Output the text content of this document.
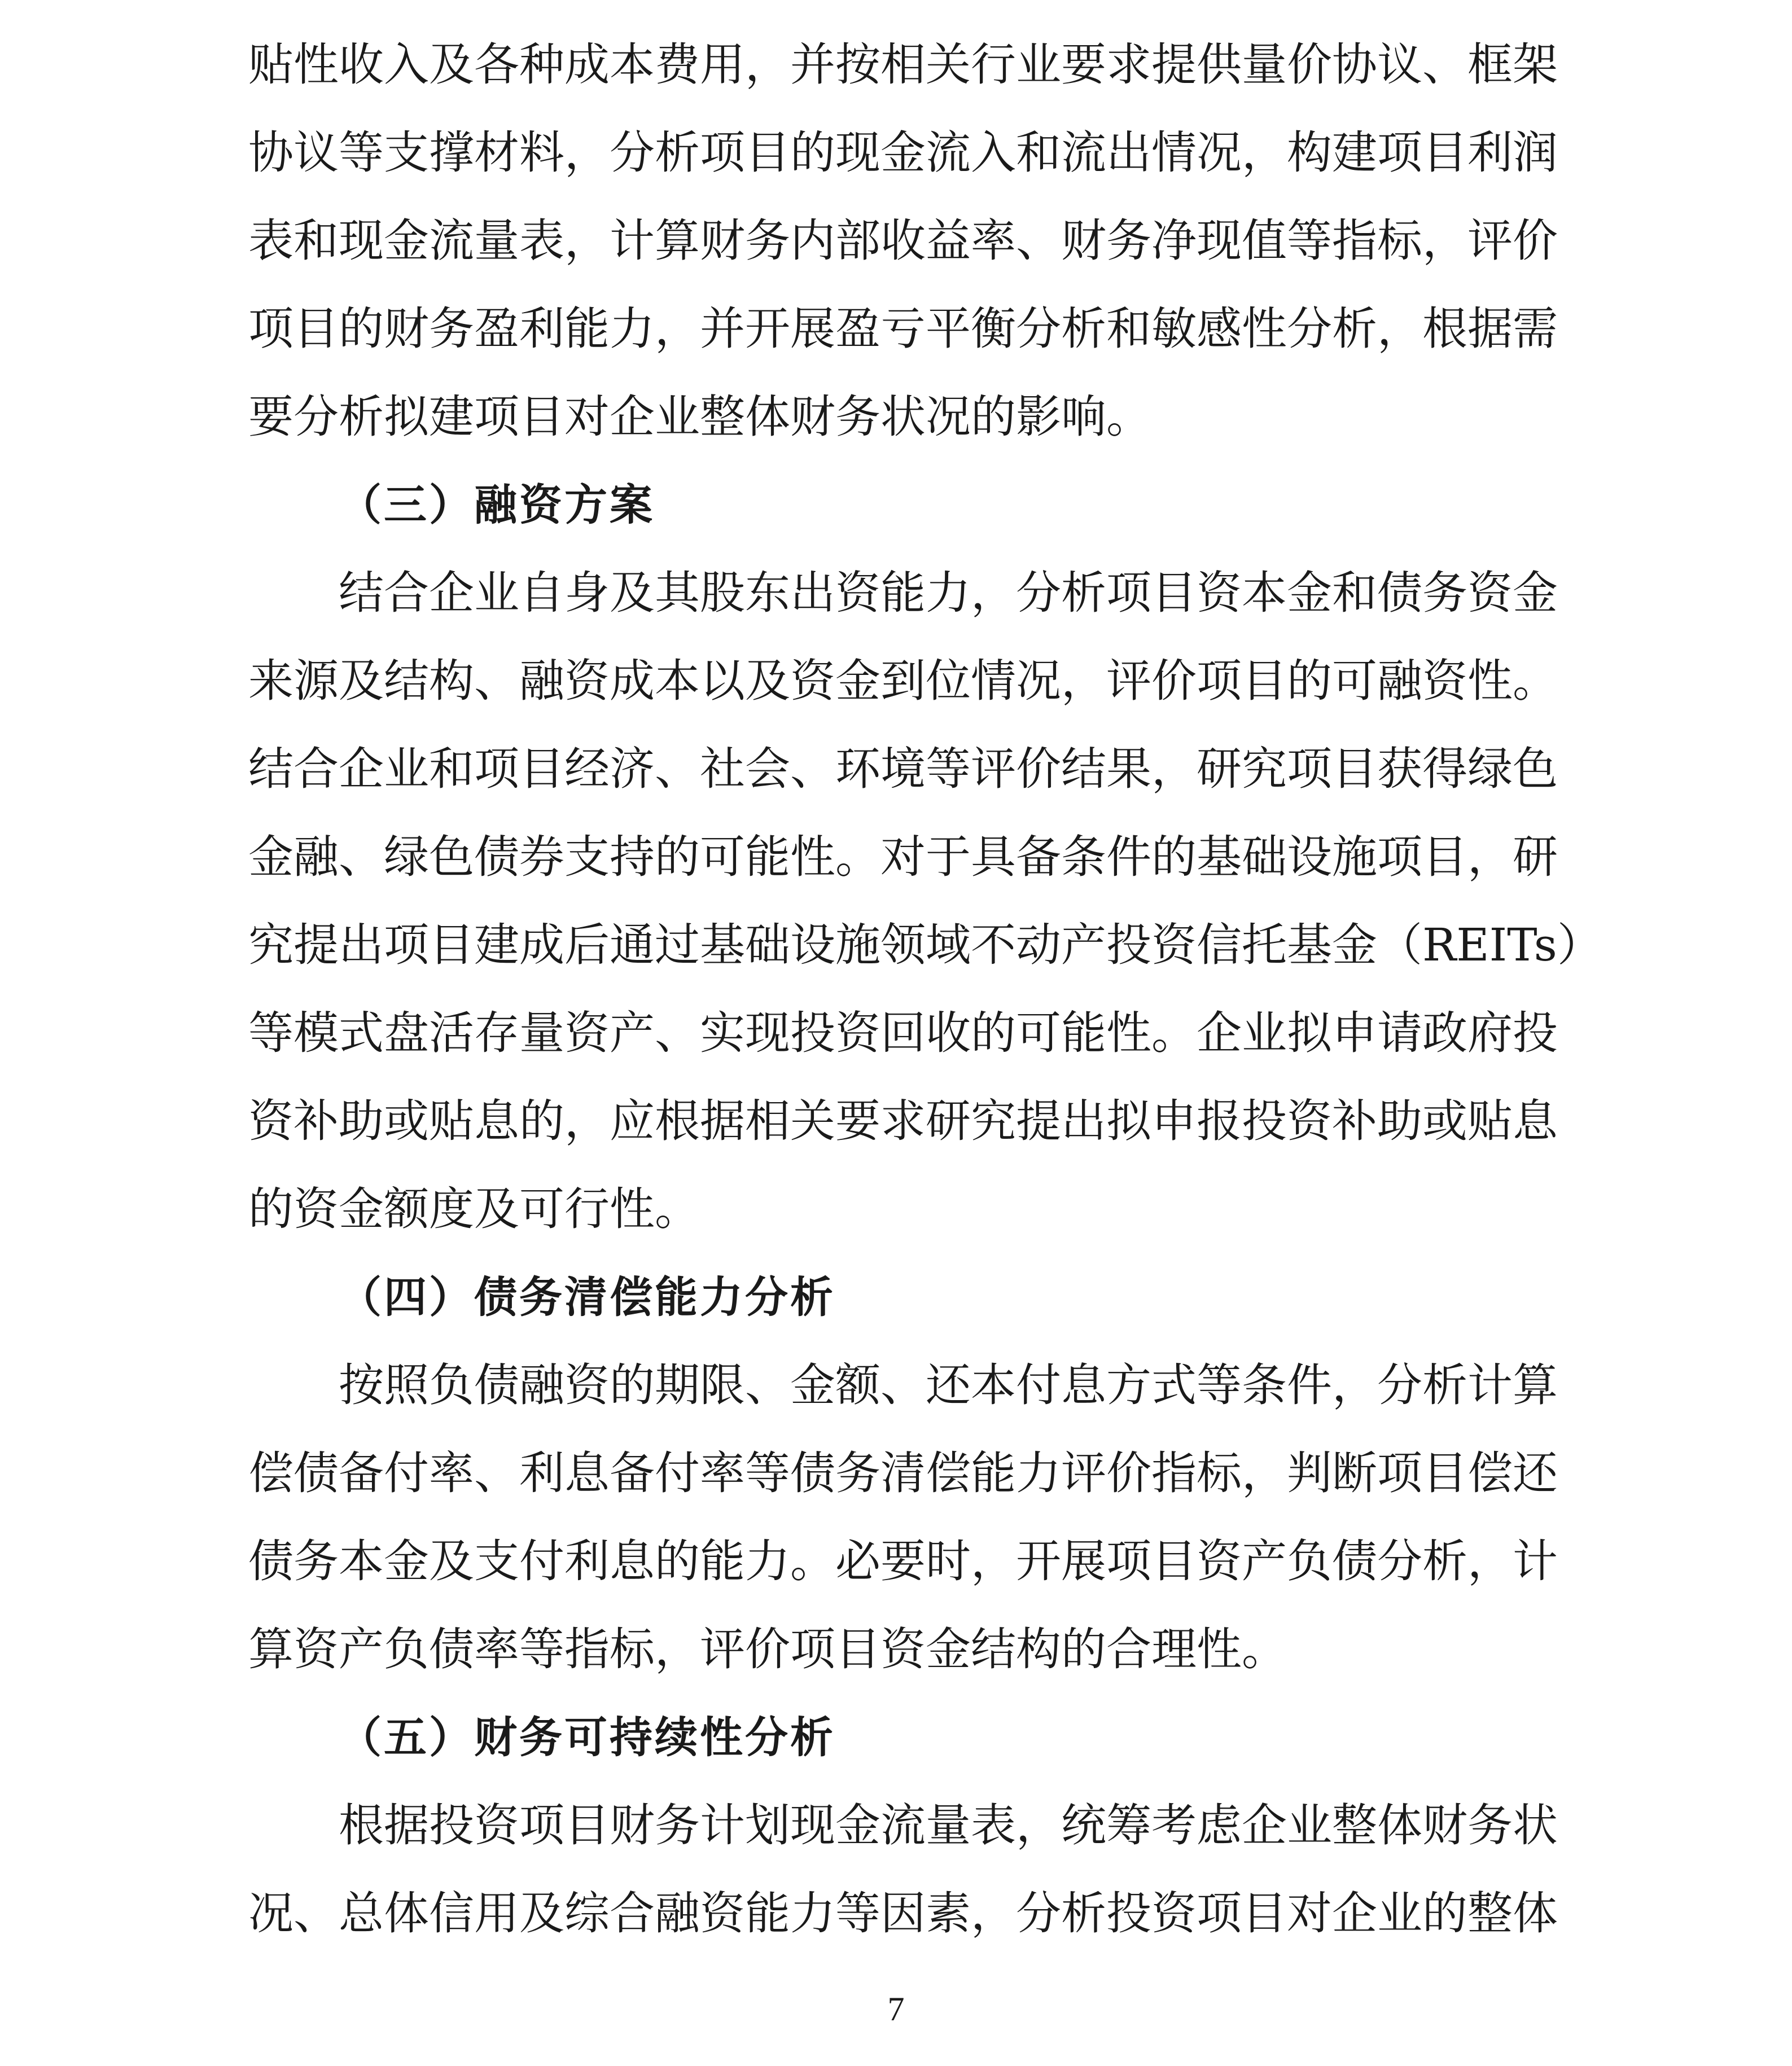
贴性收入及各种成本费用，并按相关行业要求提供量价协议、框架
协议等支撑材料，分析项目的现金流入和流出情况，构建项目利润
表和现金流量表，计算财务内部收益率、财务净现值等指标，评价
项目的财务盈利能力，并开展盈亏平衡分析和敏感性分析，根据需
要分析拟建项目对企业整体财务状况的影响。
（三）融资方案
结合企业自身及其股东出资能力，分析项目资本金和债务资金
来源及结构、融资成本以及资金到位情况，评价项目的可融资性。
结合企业和项目经济、社会、环境等评价结果，研究项目获得绿色
金融、绿色债券支持的可能性。对于具备条件的基础设施项目，研
究提出项目建成后通过基础设施领域不动产投资信托基金（REITs）
等模式盘活存量资产、实现投资回收的可能性。企业拟申请政府投
资补助或贴息的，应根据相关要求研究提出拟申报投资补助或贴息
的资金额度及可行性。
（四）债务清偿能力分析
按照负债融资的期限、金额、还本付息方式等条件，分析计算
偿债备付率、利息备付率等债务清偿能力评价指标，判断项目偿还
债务本金及支付利息的能力。必要时，开展项目资产负债分析，计
算资产负债率等指标，评价项目资金结构的合理性。
（五）财务可持续性分析
根据投资项目财务计划现金流量表，统筹考虑企业整体财务状
况、总体信用及综合融资能力等因素，分析投资项目对企业的整体
7
